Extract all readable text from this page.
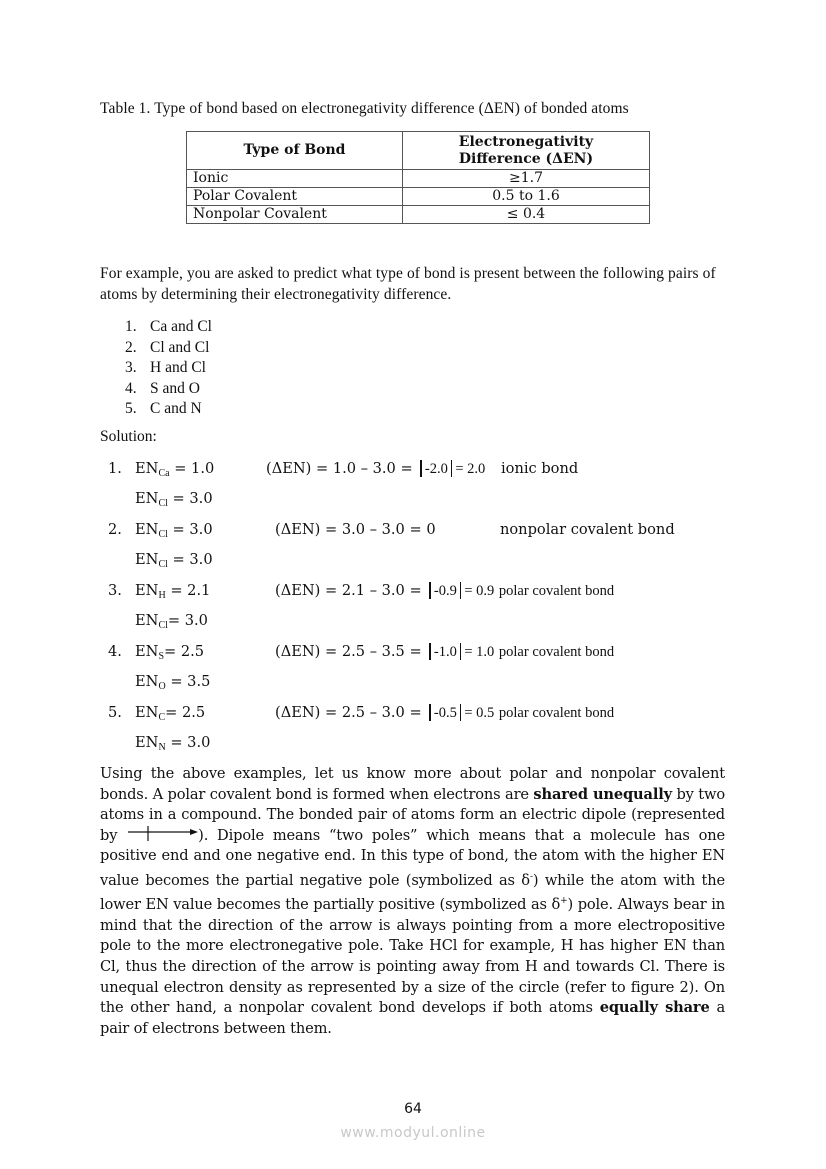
Table 1. Type of bond based on electronegativity difference (ΔEN) of bonded atoms
Type of Bond	Electronegativity
Difference (ΔEN)

Ionic	≥1.7
Polar Covalent	0.5 to 1.6
Nonpolar Covalent	≤ 0.4
For example, you are asked to predict what type of bond is present between the following pairs of atoms by determining their electronegativity difference.
1. Ca and Cl
2. Cl and Cl
3. H and Cl
4. S and O
5. C and N
Solution:
1. $EN_{Ca} = 1.0$
$EN_{Cl} = 3.0$
(ΔEN) = 1.0 – 3.0 = -2.0 = 2.0 ionic bond
2. $EN_{Cl} = 3.0$	(ΔEN) = 3.0 – 3.0 = 0	nonpolar covalent bond
$EN_{Cl} = 3.0$
3. $EN_H = 2.1$
$EN_{Cl}= 3.0$
(ΔEN) = 2.1 – 3.0 = -0.9 = 0.9 polar covalent bond
4. $EN_S= 2.5$
$EN_O = 3.5$
(ΔEN) = 2.5 – 3.5 = -1.0 = 1.0 polar covalent bond
5. $EN_C= 2.5$
$EN_N = 3.0$
(ΔEN) = 2.5 – 3.0 = -0.5 = 0.5 polar covalent bond
Using the above examples, let us know more about polar and nonpolar covalent bonds. A polar covalent bond is formed when electrons are shared unequally by two atoms in a compound. The bonded pair of atoms form an electric dipole (represented by	). Dipole means “two poles” which means that a molecule has one positive end and one negative end. In this type of bond, the atom with the higher EN value becomes the partial negative pole (symbolized as δ-) while the atom with the lower EN value becomes the partially positive (symbolized as δ+) pole. Always bear in mind that the direction of the arrow is always pointing from a more electropositive pole to the more electronegative pole. Take HCl for example, H has higher EN than Cl, thus the direction of the arrow is pointing away from H and towards Cl. There is unequal electron density as represented by a size of the circle (refer to figure 2). On the other hand, a nonpolar covalent bond develops if both atoms equally share a pair of electrons between them.
64
www.modyul.online
